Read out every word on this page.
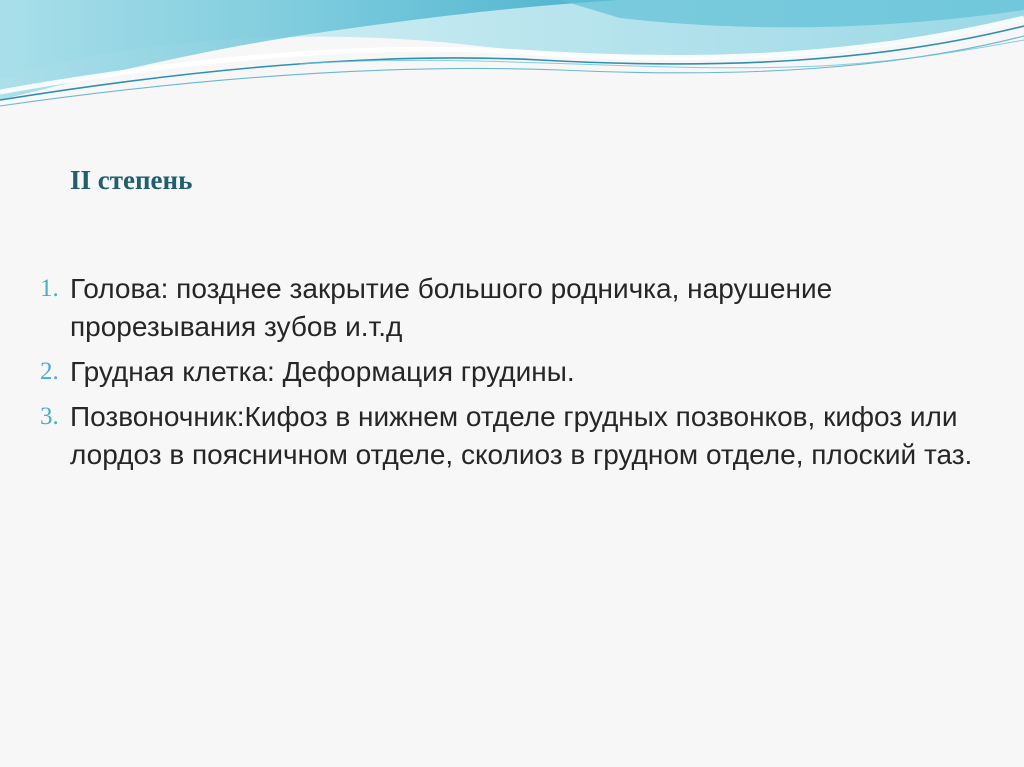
II степень
1. Голова: позднее закрытие большого родничка, нарушение прорезывания зубов и.т.д
2. Грудная клетка: Деформация грудины.
3. Позвоночник:Кифоз в нижнем отделе грудных позвонков, кифоз или лордоз в поясничном отделе, сколиоз в грудном отделе, плоский таз.
